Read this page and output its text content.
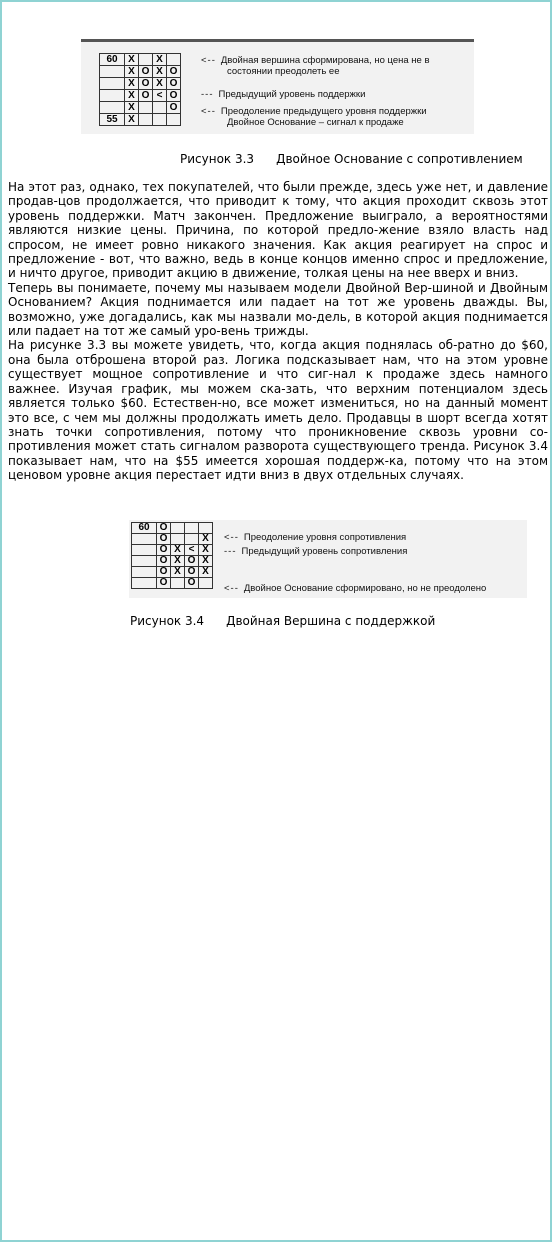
60	X		X	
	X	O	X	O
	X	O	X	O
	X	O	<	O
	X			O
55	X			
<-- Двойная вершина сформирована, но цена не в
состоянии преодолеть ее
--- Предыдущий уровень поддержки
<-- Преодоление предыдущего уровня поддержки
Двойное Основание – сигнал к продаже
Рисунок 3.3 Двойное Основание с сопротивлением

На этот раз, однако, тех покупателей, что были прежде, здесь уже нет, и давление продав-цов продолжается, что приводит к тому, что акция проходит сквозь этот уровень поддержки. Матч закончен. Предложение выиграло, а вероятностями являются низкие цены. Причина, по которой предло-жение взяло власть над спросом, не имеет ровно никакого значения. Как акция реагирует на спрос и предложение - вот, что важно, ведь в конце концов именно спрос и предложение, и ничто другое, приводит акцию в движение, толкая цены на нее вверх и вниз.

Теперь вы понимаете, почему мы называем модели Двойной Вер-шиной и Двойным Основанием? Акция поднимается или падает на тот же уровень дважды. Вы, возможно, уже догадались, как мы назвали мо-дель, в которой акция поднимается или падает на тот же самый уро-вень трижды.

На рисунке 3.3 вы можете увидеть, что, когда акция поднялась об-ратно до $60, она была отброшена второй раз. Логика подсказывает нам, что на этом уровне существует мощное сопротивление и что сиг-нал к продаже здесь намного важнее. Изучая график, мы можем ска-зать, что верхним потенциалом здесь является только $60. Естествен-но, все может измениться, но на данный момент это все, с чем мы должны продолжать иметь дело. Продавцы в шорт всегда хотят знать точки сопротивления, потому что проникновение сквозь уровни со-противления может стать сигналом разворота существующего тренда. Рисунок 3.4 показывает нам, что на $55 имеется хорошая поддерж-ка, потому что на этом ценовом уровне акция перестает идти вниз в двух отдельных случаях.

60	O			
	O			X
	O	X	<	X
	O	X	O	X
	O	X	O	X
	O		O	
<-- Преодоление уровня сопротивления
--- Предыдущий уровень сопротивления
<-- Двойное Основание сформировано, но не преодолено
Рисунок 3.4 Двойная Вершина с поддержкой
